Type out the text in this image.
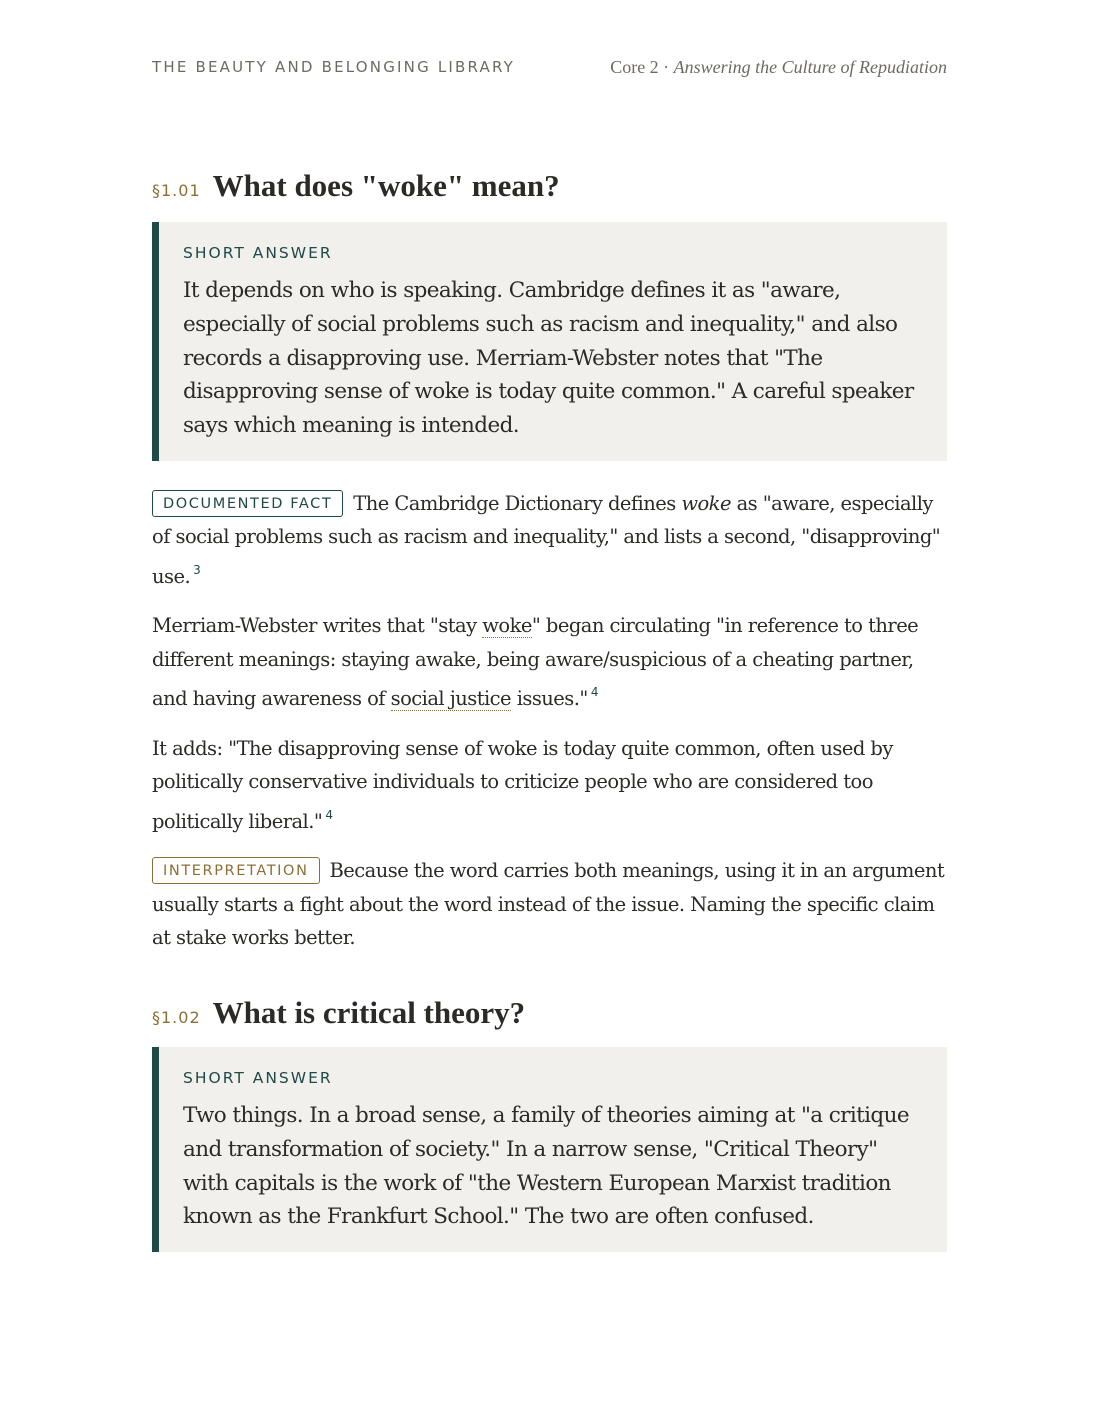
THE BEAUTY AND BELONGING LIBRARY	Core 2 · Answering the Culture of Repudiation
§1.01 What does "woke" mean?
SHORT ANSWER

It depends on who is speaking. Cambridge defines it as "aware, especially of social problems such as racism and inequality," and also records a disapproving use. Merriam-Webster notes that "The disapproving sense of woke is today quite common." A careful speaker says which meaning is intended.

DOCUMENTED FACT The Cambridge Dictionary defines woke as "aware, especially of social problems such as racism and inequality," and lists a second, "disapproving" use. $^3$

Merriam-Webster writes that "stay woke" began circulating "in reference to three different meanings: staying awake, being aware/suspicious of a cheating partner, and having awareness of social justice issues." $^4$

It adds: "The disapproving sense of woke is today quite common, often used by politically conservative individuals to criticize people who are considered too politically liberal." $^4$

INTERPRETATION Because the word carries both meanings, using it in an argument usually starts a fight about the word instead of the issue. Naming the specific claim at stake works better.

§1.02 What is critical theory?
SHORT ANSWER

Two things. In a broad sense, a family of theories aiming at "a critique and transformation of society." In a narrow sense, "Critical Theory" with capitals is the work of "the Western European Marxist tradition known as the Frankfurt School." The two are often confused.
